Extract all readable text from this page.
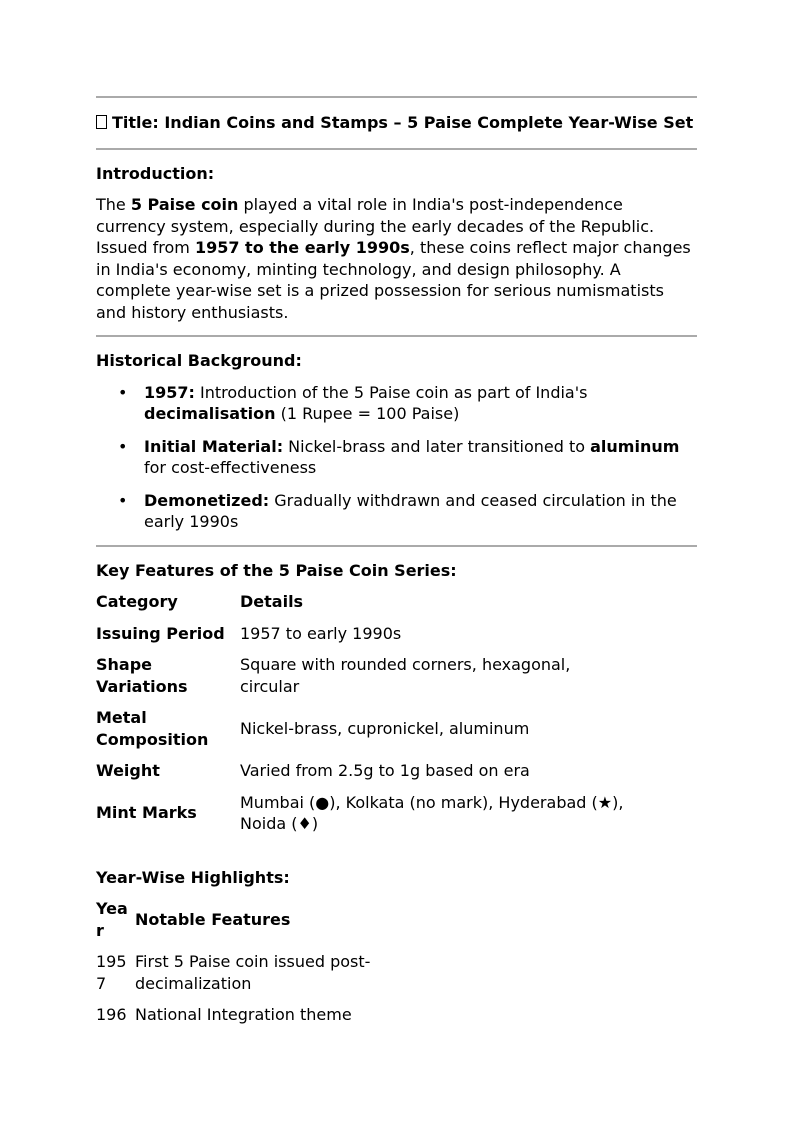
Title: Indian Coins and Stamps – 5 Paise Complete Year-Wise Set
Introduction:

The 5 Paise coin played a vital role in India's post-independence currency system, especially during the early decades of the Republic. Issued from 1957 to the early 1990s, these coins reflect major changes in India's economy, minting technology, and design philosophy. A complete year-wise set is a prized possession for serious numismatists and history enthusiasts.

Historical Background:
• 1957: Introduction of the 5 Paise coin as part of India's decimalisation (1 Rupee = 100 Paise)
• Initial Material: Nickel-brass and later transitioned to aluminum for cost-effectiveness
• Demonetized: Gradually withdrawn and ceased circulation in the early 1990s
Key Features of the 5 Paise Coin Series:
Category	Details
Issuing Period	1957 to early 1990s
Shape Variations	Square with rounded corners, hexagonal, circular
Metal Composition	Nickel-brass, cupronickel, aluminum
Weight	Varied from 2.5g to 1g based on era
Mint Marks	Mumbai (●), Kolkata (no mark), Hyderabad (★), Noida (♦)
Year-Wise Highlights:
Year	Notable Features
1957	First 5 Paise coin issued post-decimalization
196	National Integration theme
